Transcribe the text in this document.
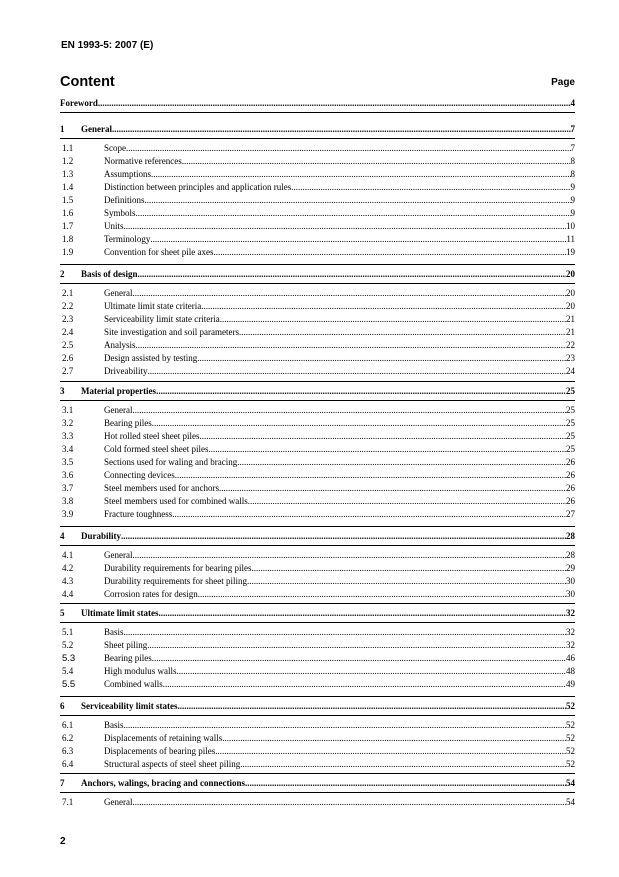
EN 1993-5: 2007 (E)
Content	Page
Foreword .....	4
1	General .....	7
1.1	Scope .....	7
1.2	Normative references .....	8
1.3	Assumptions .....	8
1.4	Distinction between principles and application rules .....	9
1.5	Definitions .....	9
1.6	Symbols .....	9
1.7	Units .....	10
1.8	Terminology .....	11
1.9	Convention for sheet pile axes .....	19
2	Basis of design .....	20
2.1	General .....	20
2.2	Ultimate limit state criteria .....	20
2.3	Serviceability limit state criteria .....	21
2.4	Site investigation and soil parameters .....	21
2.5	Analysis .....	22
2.6	Design assisted by testing .....	23
2.7	Driveability .....	24
3	Material properties .....	25
3.1	General .....	25
3.2	Bearing piles .....	25
3.3	Hot rolled steel sheet piles .....	25
3.4	Cold formed steel sheet piles .....	25
3.5	Sections used for waling and bracing .....	26
3.6	Connecting devices .....	26
3.7	Steel members used for anchors .....	26
3.8	Steel members used for combined walls .....	26
3.9	Fracture toughness .....	27
4	Durability .....	28
4.1	General .....	28
4.2	Durability requirements for bearing piles .....	29
4.3	Durability requirements for sheet piling .....	30
4.4	Corrosion rates for design .....	30
5	Ultimate limit states .....	32
5.1	Basis .....	32
5.2	Sheet piling .....	32
5.3	Bearing piles .....	46
5.4	High modulus walls .....	48
5.5	Combined walls .....	49
6	Serviceability limit states .....	52
6.1	Basis .....	52
6.2	Displacements of retaining walls .....	52
6.3	Displacements of bearing piles .....	52
6.4	Structural aspects of steel sheet piling .....	52
7	Anchors, walings, bracing and connections .....	54
7.1	General .....	54
2
